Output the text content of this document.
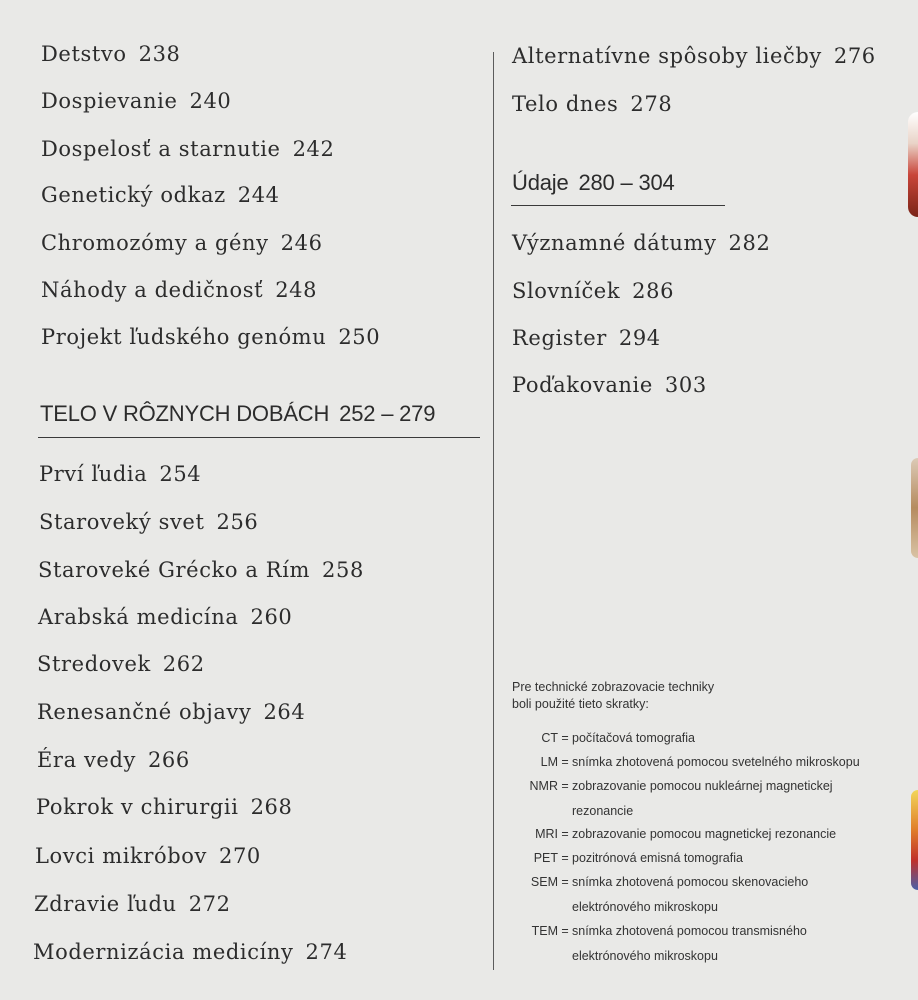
Detstvo 238
Dospievanie 240
Dospelosť a starnutie 242
Genetický odkaz 244
Chromozómy a gény 246
Náhody a dedičnosť 248
Projekt ľudského genómu 250
TELO V RÔZNYCH DOBÁCH 252 – 279
Prví ľudia 254
Staroveký svet 256
Staroveké Grécko a Rím 258
Arabská medicína 260
Stredovek 262
Renesančné objavy 264
Éra vedy 266
Pokrok v chirurgii 268
Lovci mikróbov 270
Zdravie ľudu 272
Modernizácia medicíny 274
Alternatívne spôsoby liečby 276
Telo dnes 278
Údaje 280 – 304
Významné dátumy 282
Slovníček 286
Register 294
Poďakovanie 303
Pre technické zobrazovacie techniky
boli použité tieto skratky:
CT = počítačová tomografia
LM = snímka zhotovená pomocou svetelného mikroskopu
NMR = zobrazovanie pomocou nukleárnej magnetickej
rezonancie
MRI = zobrazovanie pomocou magnetickej rezonancie
PET = pozitrónová emisná tomografia
SEM = snímka zhotovená pomocou skenovacieho
elektrónového mikroskopu
TEM = snímka zhotovená pomocou transmisného
elektrónového mikroskopu
